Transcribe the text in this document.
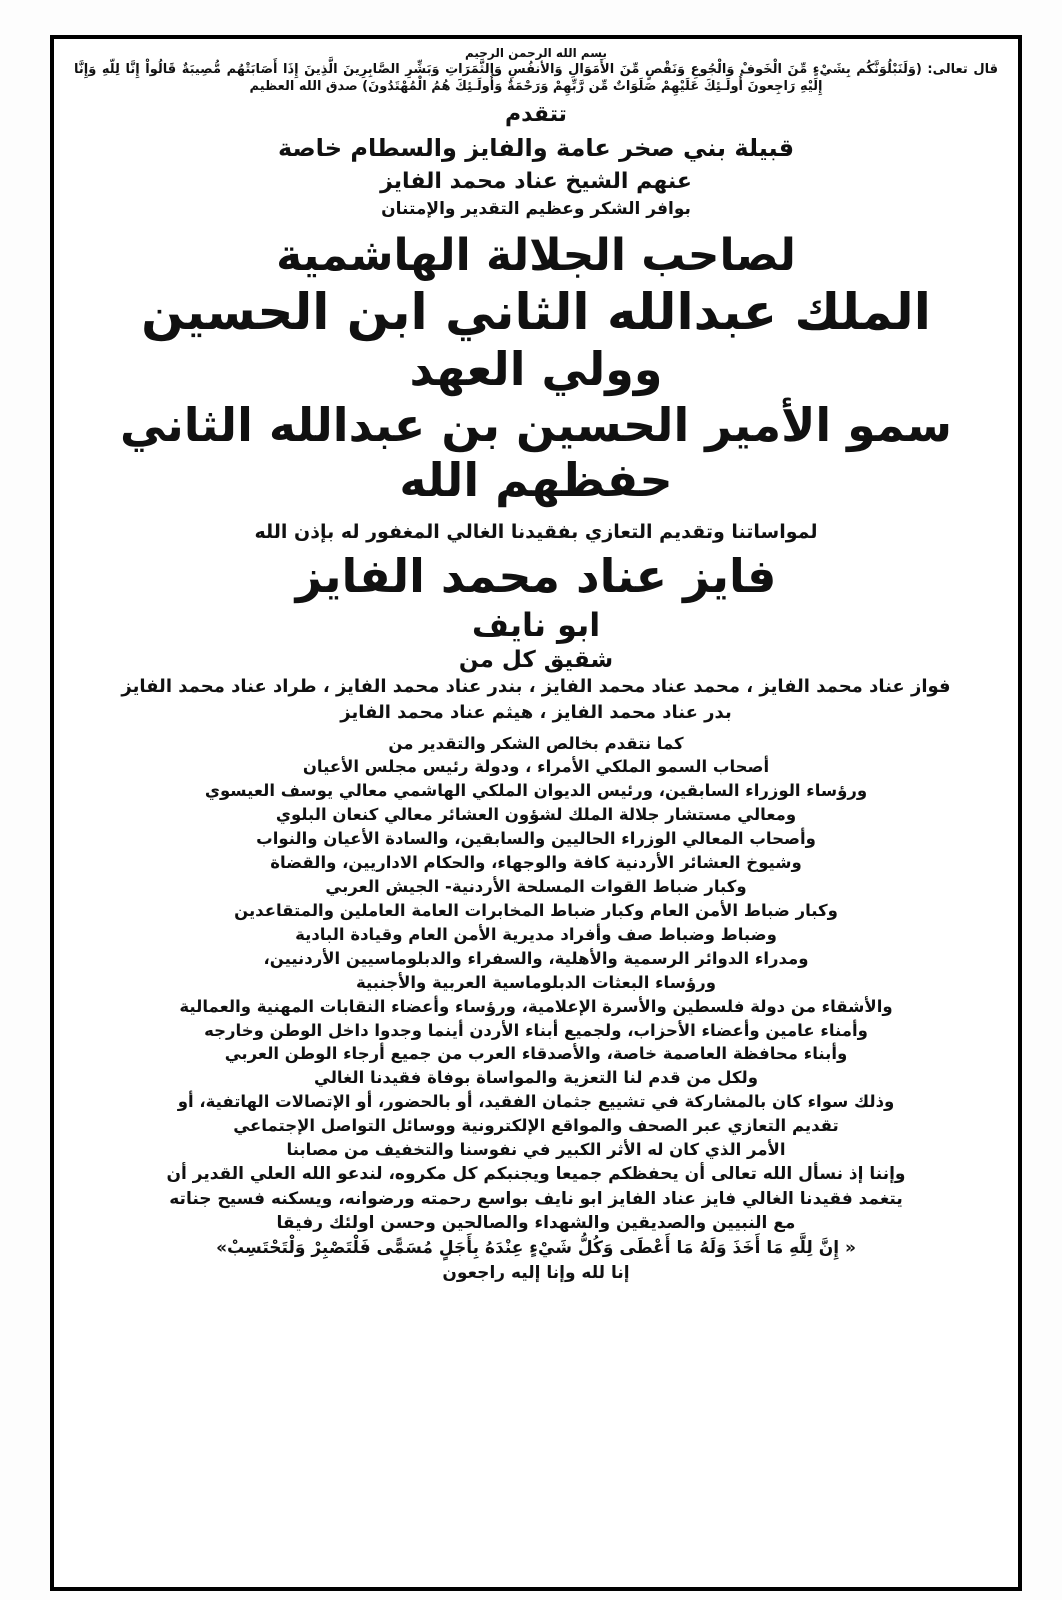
بسم الله الرحمن الرحيم
قال تعالى: (وَلَنَبْلُوَنَّكُم بِشَيْءٍ مِّنَ الْخَوفْ وَالْجُوعِ وَنَقْصٍ مِّنَ الأَمَوَالِ وَالأنفُسِ وَالثَّمَرَاتِ وَبَشِّرِ الصَّابِرِينَ الَّذِينَ إِذَا أَصَابَتْهُم مُّصِيبَةٌ قَالُواْ إِنَّا لِلّهِ وَإِنَّا إِلَيْهِ رَاجِعونَ أُولَـئِكَ عَلَيْهِمْ صَلَوَاتٌ مِّن رَّبِّهِمْ وَرَحْمَةٌ وَأُولَـئِكَ هُمُ الْمُهْتَدُونَ) صدق الله العظيم
تتقدم
قبيلة بني صخر عامة والفايز والسطام خاصة
عنهم الشيخ عناد محمد الفايز
بوافر الشكر وعظيم التقدير والإمتنان
لصاحب الجلالة الهاشمية
الملك عبدالله الثاني ابن الحسين
وولي العهد
سمو الأمير الحسين بن عبدالله الثاني
حفظهم الله
لمواساتنا وتقديم التعازي بفقيدنا الغالي المغفور له بإذن الله
فايز عناد محمد الفايز
ابو نايف
شقيق كل من
فواز عناد محمد الفايز ، محمد عناد محمد الفايز ، بندر عناد محمد الفايز ، طراد عناد محمد الفايز
بدر عناد محمد الفايز ، هيثم عناد محمد الفايز
كما نتقدم بخالص الشكر والتقدير من
أصحاب السمو الملكي الأمراء ، ودولة رئيس مجلس الأعيان
ورؤساء الوزراء السابقين، ورئيس الديوان الملكي الهاشمي معالي يوسف العيسوي
ومعالي مستشار جلالة الملك لشؤون العشائر معالي كنعان البلوي
وأصحاب المعالي الوزراء الحاليين والسابقين، والسادة الأعيان والنواب
وشيوخ العشائر الأردنية كافة والوجهاء، والحكام الاداريين، والقضاة
وكبار ضباط القوات المسلحة الأردنية- الجيش العربي
وكبار ضباط الأمن العام وكبار ضباط المخابرات العامة العاملين والمتقاعدين
وضباط وضباط صف وأفراد مديرية الأمن العام وقيادة البادية
ومدراء الدوائر الرسمية والأهلية، والسفراء والدبلوماسيين الأردنيين،
ورؤساء البعثات الدبلوماسية العربية والأجنبية
والأشقاء من دولة فلسطين والأسرة الإعلامية، ورؤساء وأعضاء النقابات المهنية والعمالية
وأمناء عامين وأعضاء الأحزاب، ولجميع أبناء الأردن أينما وجدوا داخل الوطن وخارجه
وأبناء محافظة العاصمة خاصة، والأصدقاء العرب من جميع أرجاء الوطن العربي
ولكل من قدم لنا التعزية والمواساة بوفاة فقيدنا الغالي
وذلك سواء كان بالمشاركة في تشييع جثمان الفقيد، أو بالحضور، أو الإتصالات الهاتفية، أو
تقديم التعازي عبر الصحف والمواقع الإلكترونية ووسائل التواصل الإجتماعي
الأمر الذي كان له الأثر الكبير في نفوسنا والتخفيف من مصابنا
وإننا إذ نسأل الله تعالى أن يحفظكم جميعا ويجنبكم كل مكروه، لندعو الله العلي القدير أن
يتغمد فقيدنا الغالي فايز عناد الفايز ابو نايف بواسع رحمته ورضوانه، ويسكنه فسيح جناته
مع النبيين والصديقين والشهداء والصالحين وحسن اولئك رفيقا
« إِنَّ لِلَّهِ مَا أَخَذَ وَلَهُ مَا أَعْطَى وَكُلُّ شَيْءٍ عِنْدَهُ بِأَجَلٍ مُسَمًّى فَلْتَصْبِرْ وَلْتَحْتَسِبْ»
إنا لله وإنا إليه راجعون
